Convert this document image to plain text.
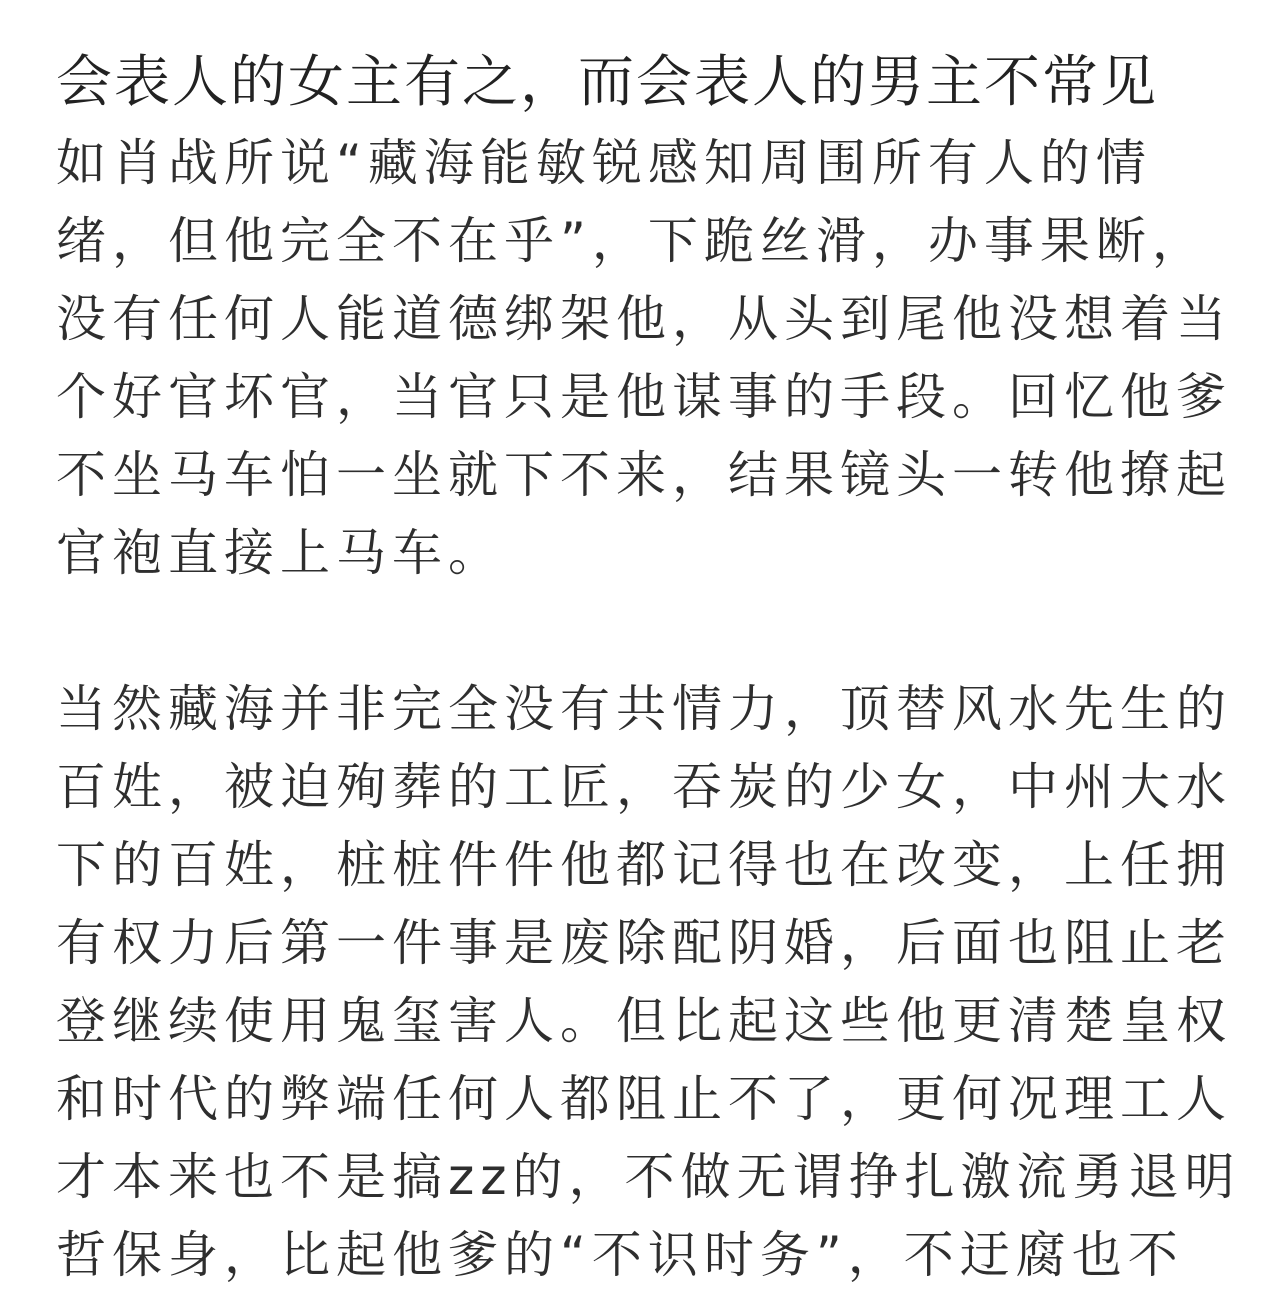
会表人的女主有之，而会表人的男主不常见

如肖战所说“藏海能敏锐感知周围所有人的情
绪，但他完全不在乎”，下跪丝滑，办事果断，
没有任何人能道德绑架他，从头到尾他没想着当
个好官坏官，当官只是他谋事的手段。回忆他爹
不坐马车怕一坐就下不来，结果镜头一转他撩起
官袍直接上马车。

当然藏海并非完全没有共情力，顶替风水先生的
百姓，被迫殉葬的工匠，吞炭的少女，中州大水
下的百姓，桩桩件件他都记得也在改变，上任拥
有权力后第一件事是废除配阴婚，后面也阻止老
登继续使用鬼玺害人。但比起这些他更清楚皇权
和时代的弊端任何人都阻止不了，更何况理工人
才本来也不是搞zz的，不做无谓挣扎激流勇退明
哲保身，比起他爹的“不识时务”，不迂腐也不
